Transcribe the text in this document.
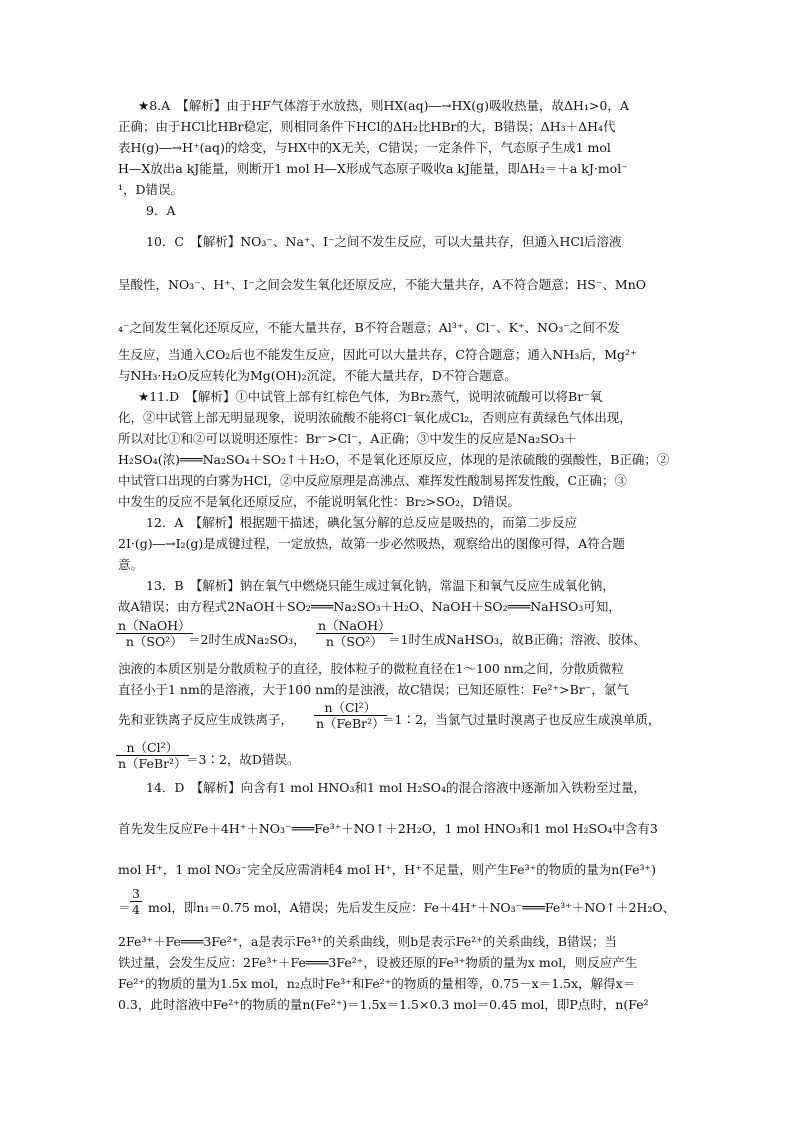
★8.A　【解析】由于HF气体溶于水放热，则HX(aq)―→HX(g)吸收热量，故ΔH₁>0，A
正确；由于HCl比HBr稳定，则相同条件下HCl的ΔH₂比HBr的大，B错误；ΔH₃＋ΔH₄代
表H(g)―→H⁺(aq)的焓变，与HX中的X无关，C错误；一定条件下，气态原子生成1 mol
H—X放出a kJ能量，则断开1 mol H—X形成气态原子吸收a kJ能量，即ΔH₂＝＋a kJ·mol⁻
¹，D错误。
9．A
10．C　【解析】NO₃⁻、Na⁺、I⁻之间不发生反应，可以大量共存，但通入HCl后溶液
呈酸性，NO₃⁻、H⁺、I⁻之间会发生氧化还原反应，不能大量共存，A不符合题意；HS⁻、MnO
₄⁻之间发生氧化还原反应，不能大量共存，B不符合题意；Al³⁺、Cl⁻、K⁺、NO₃⁻之间不发
生反应，当通入CO₂后也不能发生反应，因此可以大量共存，C符合题意；通入NH₃后，Mg²⁺
与NH₃·H₂O反应转化为Mg(OH)₂沉淀，不能大量共存，D不符合题意。
★11.D　【解析】①中试管上部有红棕色气体，为Br₂蒸气，说明浓硫酸可以将Br⁻氧
化，②中试管上部无明显现象，说明浓硫酸不能将Cl⁻氧化成Cl₂，否则应有黄绿色气体出现，
所以对比①和②可以说明还原性：Br⁻>Cl⁻，A正确；③中发生的反应是Na₂SO₃＋
H₂SO₄(浓)═══Na₂SO₄＋SO₂↑＋H₂O，不是氧化还原反应，体现的是浓硫酸的强酸性，B正确；②
中试管口出现的白雾为HCl，②中反应原理是高沸点、难挥发性酸制易挥发性酸，C正确；③
中发生的反应不是氧化还原反应，不能说明氧化性：Br₂>SO₂，D错误。
12．A　【解析】根据题干描述，碘化氢分解的总反应是吸热的，而第二步反应
2I·(g)―→I₂(g)是成键过程，一定放热，故第一步必然吸热，观察给出的图像可得，A符合题
意。
13．B　【解析】钠在氧气中燃烧只能生成过氧化钠，常温下和氧气反应生成氧化钠，
故A错误；由方程式2NaOH＋SO₂═══Na₂SO₃＋H₂O、NaOH＋SO₂═══NaHSO₃可知，
n（NaOH）
n（SO²） ＝2时生成Na₂SO₃，
n（NaOH）
n（SO²） ＝1时生成NaHSO₃，故B正确；溶液、胶体、
浊液的本质区别是分散质粒子的直径，胶体粒子的微粒直径在1～100 nm之间，分散质微粒
直径小于1 nm的是溶液，大于100 nm的是浊液，故C错误；已知还原性：Fe²⁺>Br⁻，氯气
先和亚铁离子反应生成铁离子，
n（Cl²）
n（FeBr²）
＝1∶2，当氯气过量时溴离子也反应生成溴单质，
n（Cl²）
n（FeBr²） ＝3∶2，故D错误。
14．D　【解析】向含有1 mol HNO₃和1 mol H₂SO₄的混合溶液中逐渐加入铁粉至过量，
首先发生反应Fe＋4H⁺＋NO₃⁻═══Fe³⁺＋NO↑＋2H₂O，1 mol HNO₃和1 mol H₂SO₄中含有3
mol H⁺，1 mol NO₃⁻完全反应需消耗4 mol H⁺，H⁺不足量，则产生Fe³⁺的物质的量为n(Fe³⁺)
＝ $\frac{3}{4}$ mol，即n₁＝0.75 mol，A错误；先后发生反应：Fe＋4H⁺＋NO₃⁻═══Fe³⁺＋NO↑＋2H₂O、
2Fe³⁺＋Fe═══3Fe²⁺，a是表示Fe³⁺的关系曲线，则b是表示Fe²⁺的关系曲线，B错误；当
铁过量，会发生反应：2Fe³⁺＋Fe═══3Fe²⁺，设被还原的Fe³⁺物质的量为x mol，则反应产生
Fe²⁺的物质的量为1.5x mol，n₂点时Fe³⁺和Fe²⁺的物质的量相等，0.75－x＝1.5x，解得x＝
0.3，此时溶液中Fe²⁺的物质的量n(Fe²⁺)＝1.5x＝1.5×0.3 mol＝0.45 mol，即P点时，n(Fe²
